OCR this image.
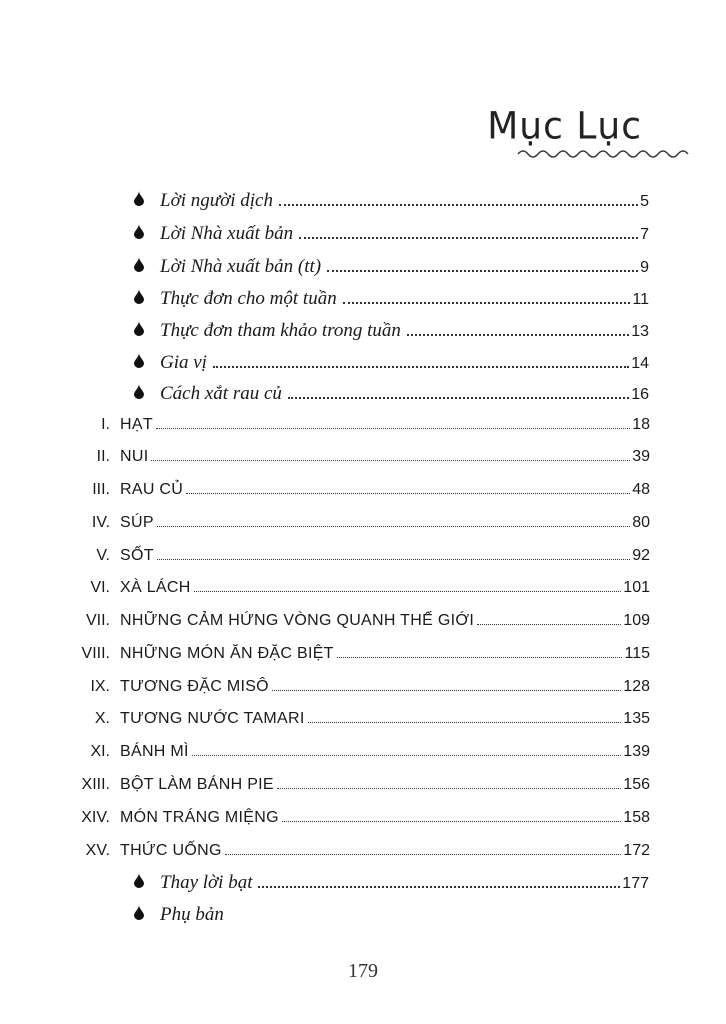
Mục Lục
Lời người dịch	5
Lời Nhà xuất bản	7
Lời Nhà xuất bản (tt)	9
Thực đơn cho một tuần	11
Thực đơn tham khảo trong tuần	13
Gia vị	14
Cách xắt rau củ	16
I. HẠT	18
II. NUI	39
III. RAU CỦ	48
IV. SÚP	80
V. SỐT	92
VI. XÀ LÁCH	101
VII. NHỮNG CẢM HỨNG VÒNG QUANH THẾ GIỚI	109
VIII. NHỮNG MÓN ĂN ĐẶC BIỆT	115
IX. TƯƠNG ĐẶC MISÔ	128
X. TƯƠNG NƯỚC TAMARI	135
XI. BÁNH MÌ	139
XIII. BỘT LÀM BÁNH PIE	156
XIV. MÓN TRÁNG MIỆNG	158
XV. THỨC UỐNG	172
Thay lời bạt	177
Phụ bản
179
